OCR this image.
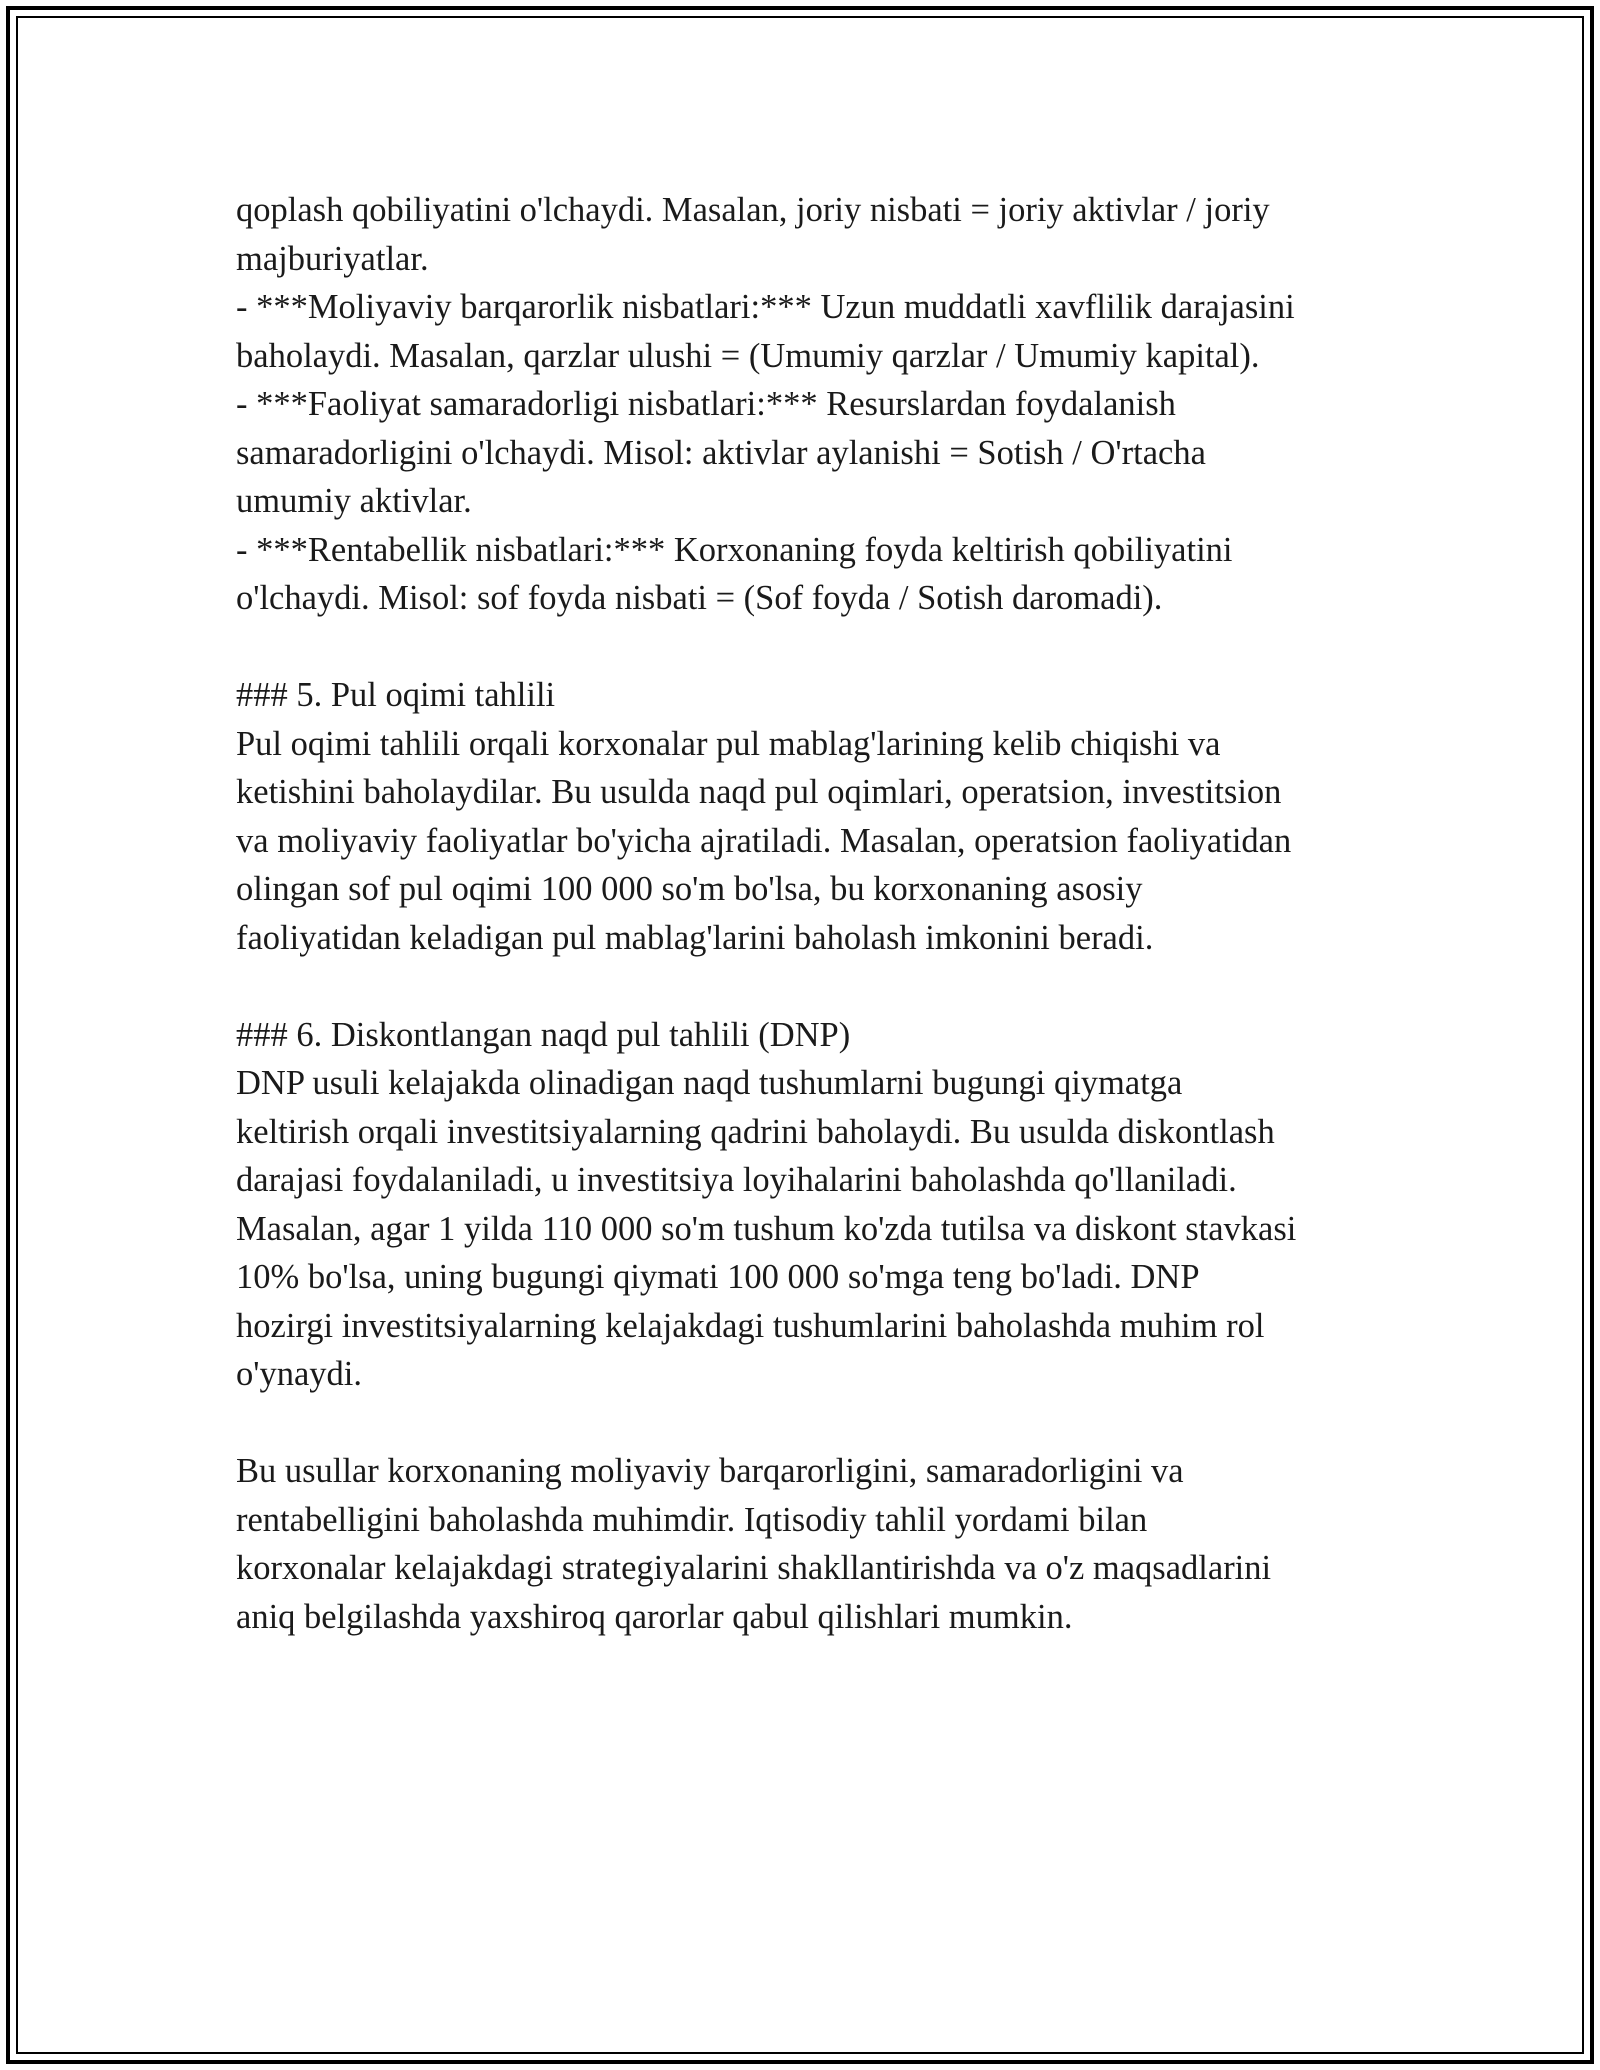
qoplash qobiliyatini o'lchaydi. Masalan, joriy nisbati = joriy aktivlar / joriy
majburiyatlar.
- ***Moliyaviy barqarorlik nisbatlari:*** Uzun muddatli xavflilik darajasini
baholaydi. Masalan, qarzlar ulushi = (Umumiy qarzlar / Umumiy kapital).
- ***Faoliyat samaradorligi nisbatlari:*** Resurslardan foydalanish
samaradorligini o'lchaydi. Misol: aktivlar aylanishi = Sotish / O'rtacha
umumiy aktivlar.
- ***Rentabellik nisbatlari:*** Korxonaning foyda keltirish qobiliyatini
o'lchaydi. Misol: sof foyda nisbati = (Sof foyda / Sotish daromadi).
### 5. Pul oqimi tahlili
Pul oqimi tahlili orqali korxonalar pul mablag'larining kelib chiqishi va
ketishini baholaydilar. Bu usulda naqd pul oqimlari, operatsion, investitsion
va moliyaviy faoliyatlar bo'yicha ajratiladi. Masalan, operatsion faoliyatidan
olingan sof pul oqimi 100 000 so'm bo'lsa, bu korxonaning asosiy
faoliyatidan keladigan pul mablag'larini baholash imkonini beradi.
### 6. Diskontlangan naqd pul tahlili (DNP)
DNP usuli kelajakda olinadigan naqd tushumlarni bugungi qiymatga
keltirish orqali investitsiyalarning qadrini baholaydi. Bu usulda diskontlash
darajasi foydalaniladi, u investitsiya loyihalarini baholashda qo'llaniladi.
Masalan, agar 1 yilda 110 000 so'm tushum ko'zda tutilsa va diskont stavkasi
10% bo'lsa, uning bugungi qiymati 100 000 so'mga teng bo'ladi. DNP
hozirgi investitsiyalarning kelajakdagi tushumlarini baholashda muhim rol
o'ynaydi.
Bu usullar korxonaning moliyaviy barqarorligini, samaradorligini va
rentabelligini baholashda muhimdir. Iqtisodiy tahlil yordami bilan
korxonalar kelajakdagi strategiyalarini shakllantirishda va o'z maqsadlarini
aniq belgilashda yaxshiroq qarorlar qabul qilishlari mumkin.
